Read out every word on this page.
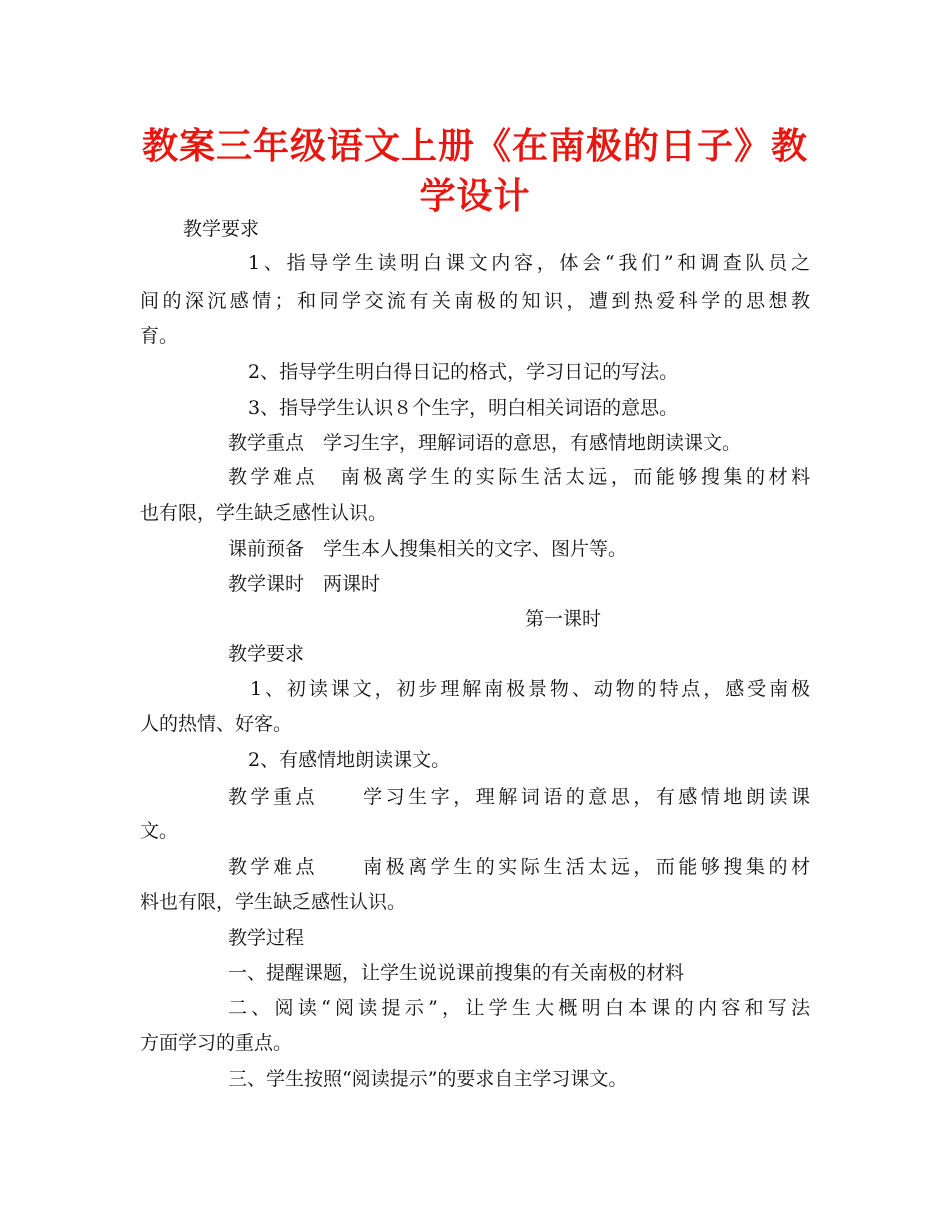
教案三年级语文上册《在南极的日子》教
学设计

教学要求

1、指导学生读明白课文内容，体会“我们”和调查队员之

间的深沉感情；和同学交流有关南极的知识，遭到热爱科学的思想教

育。

2、指导学生明白得日记的格式，学习日记的写法。

3、指导学生认识８个生字，明白相关词语的意思。

教学重点　学习生字，理解词语的意思，有感情地朗读课文。

教学难点　南极离学生的实际生活太远，而能够搜集的材料

也有限，学生缺乏感性认识。

课前预备　学生本人搜集相关的文字、图片等。

教学课时　两课时

第一课时

教学要求

1、初读课文，初步理解南极景物、动物的特点，感受南极

人的热情、好客。

2、有感情地朗读课文。

教学重点　　学习生字，理解词语的意思，有感情地朗读课

文。

教学难点　　南极离学生的实际生活太远，而能够搜集的材

料也有限，学生缺乏感性认识。

教学过程

一、提醒课题，让学生说说课前搜集的有关南极的材料

二、阅读“阅读提示”，让学生大概明白本课的内容和写法

方面学习的重点。

三、学生按照“阅读提示”的要求自主学习课文。
